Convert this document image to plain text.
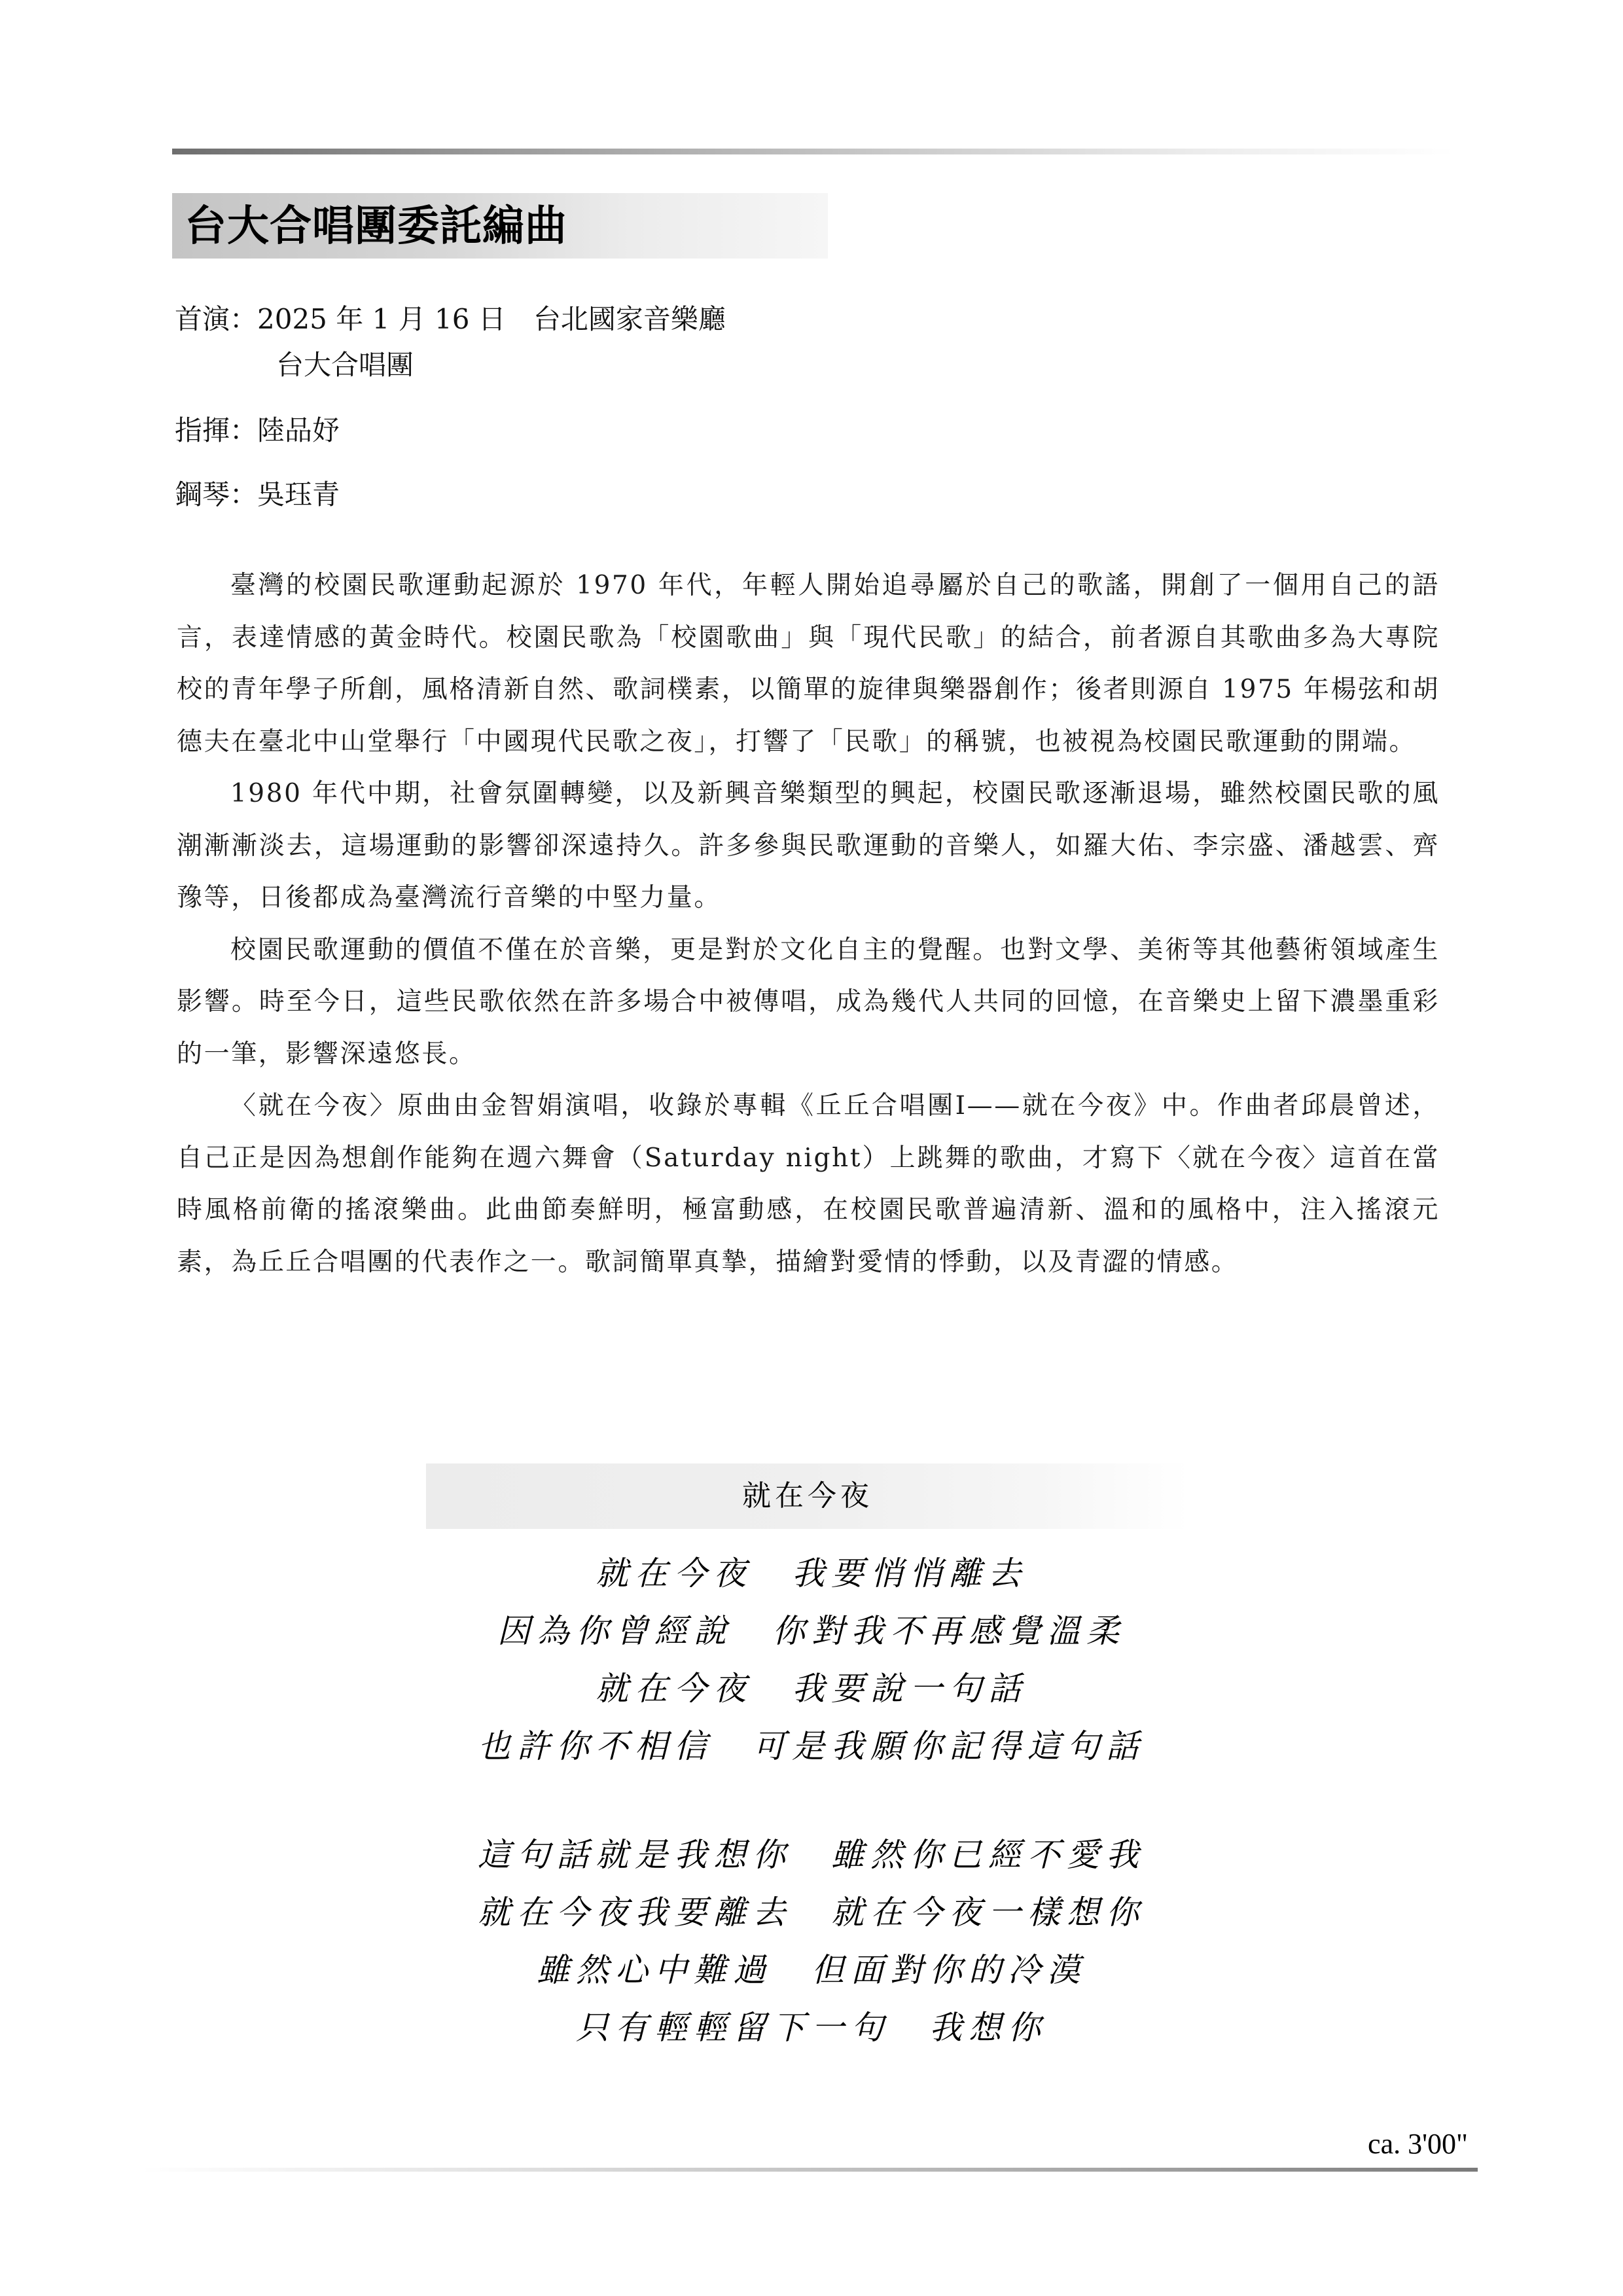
台大合唱團委託編曲
首演：2025 年 1 月 16 日　台北國家音樂廳
台大合唱團
指揮：陸品妤
鋼琴：吳珏青

臺灣的校園民歌運動起源於 1970 年代，年輕人開始追尋屬於自己的歌謠，開創了一個用自己的語言，表達情感的黃金時代。校園民歌為「校園歌曲」與「現代民歌」的結合，前者源自其歌曲多為大專院校的青年學子所創，風格清新自然、歌詞樸素，以簡單的旋律與樂器創作；後者則源自 1975 年楊弦和胡德夫在臺北中山堂舉行「中國現代民歌之夜」，打響了「民歌」的稱號，也被視為校園民歌運動的開端。

1980 年代中期，社會氛圍轉變，以及新興音樂類型的興起，校園民歌逐漸退場，雖然校園民歌的風潮漸漸淡去，這場運動的影響卻深遠持久。許多參與民歌運動的音樂人，如羅大佑、李宗盛、潘越雲、齊豫等，日後都成為臺灣流行音樂的中堅力量。

校園民歌運動的價值不僅在於音樂，更是對於文化自主的覺醒。也對文學、美術等其他藝術領域產生影響。時至今日，這些民歌依然在許多場合中被傳唱，成為幾代人共同的回憶，在音樂史上留下濃墨重彩的一筆，影響深遠悠長。

〈就在今夜〉原曲由金智娟演唱，收錄於專輯《丘丘合唱團I——就在今夜》中。作曲者邱晨曾述，自己正是因為想創作能夠在週六舞會（Saturday night）上跳舞的歌曲，才寫下〈就在今夜〉這首在當時風格前衛的搖滾樂曲。此曲節奏鮮明，極富動感，在校園民歌普遍清新、溫和的風格中，注入搖滾元素，為丘丘合唱團的代表作之一。歌詞簡單真摯，描繪對愛情的悸動，以及青澀的情感。

就在今夜
就在今夜　我要悄悄離去
因為你曾經說　你對我不再感覺溫柔
就在今夜　我要說一句話
也許你不相信　可是我願你記得這句話
這句話就是我想你　雖然你已經不愛我
就在今夜我要離去　就在今夜一樣想你
雖然心中難過　但面對你的冷漠
只有輕輕留下一句　我想你
ca. 3'00"
